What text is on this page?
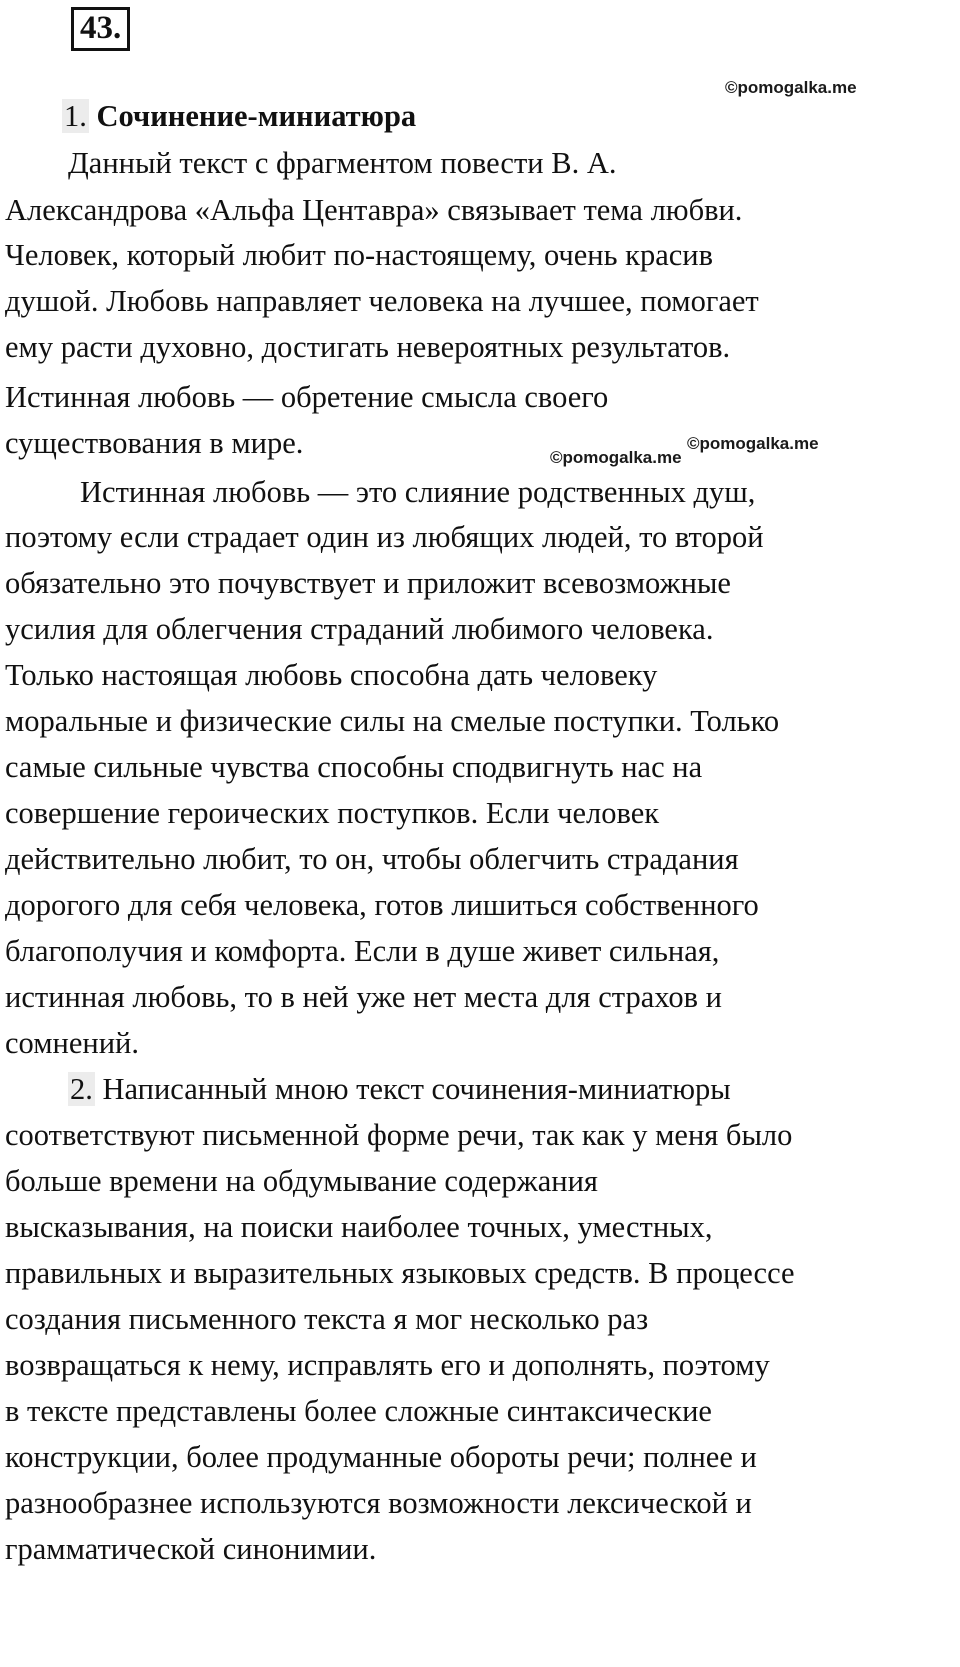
43.
©pomogalka.me
©pomogalka.me
©pomogalka.me
1. Сочинение-миниатюра
Данный текст с фрагментом повести В. А.
Александрова «Альфа Центавра» связывает тема любви.
Человек, который любит по-настоящему, очень красив
душой. Любовь направляет человека на лучшее, помогает
ему расти духовно, достигать невероятных результатов.
Истинная любовь — обретение смысла своего
существования в мире.
Истинная любовь — это слияние родственных душ,
поэтому если страдает один из любящих людей, то второй
обязательно это почувствует и приложит всевозможные
усилия для облегчения страданий любимого человека.
Только настоящая любовь способна дать человеку
моральные и физические силы на смелые поступки. Только
самые сильные чувства способны сподвигнуть нас на
совершение героических поступков. Если человек
действительно любит, то он, чтобы облегчить страдания
дорогого для себя человека, готов лишиться собственного
благополучия и комфорта. Если в душе живет сильная,
истинная любовь, то в ней уже нет места для страхов и
сомнений.
2. Написанный мною текст сочинения-миниатюры
соответствуют письменной форме речи, так как у меня было
больше времени на обдумывание содержания
высказывания, на поиски наиболее точных, уместных,
правильных и выразительных языковых средств. В процессе
создания письменного текста я мог несколько раз
возвращаться к нему, исправлять его и дополнять, поэтому
в тексте представлены более сложные синтаксические
конструкции, более продуманные обороты речи; полнее и
разнообразнее используются возможности лексической и
грамматической синонимии.
